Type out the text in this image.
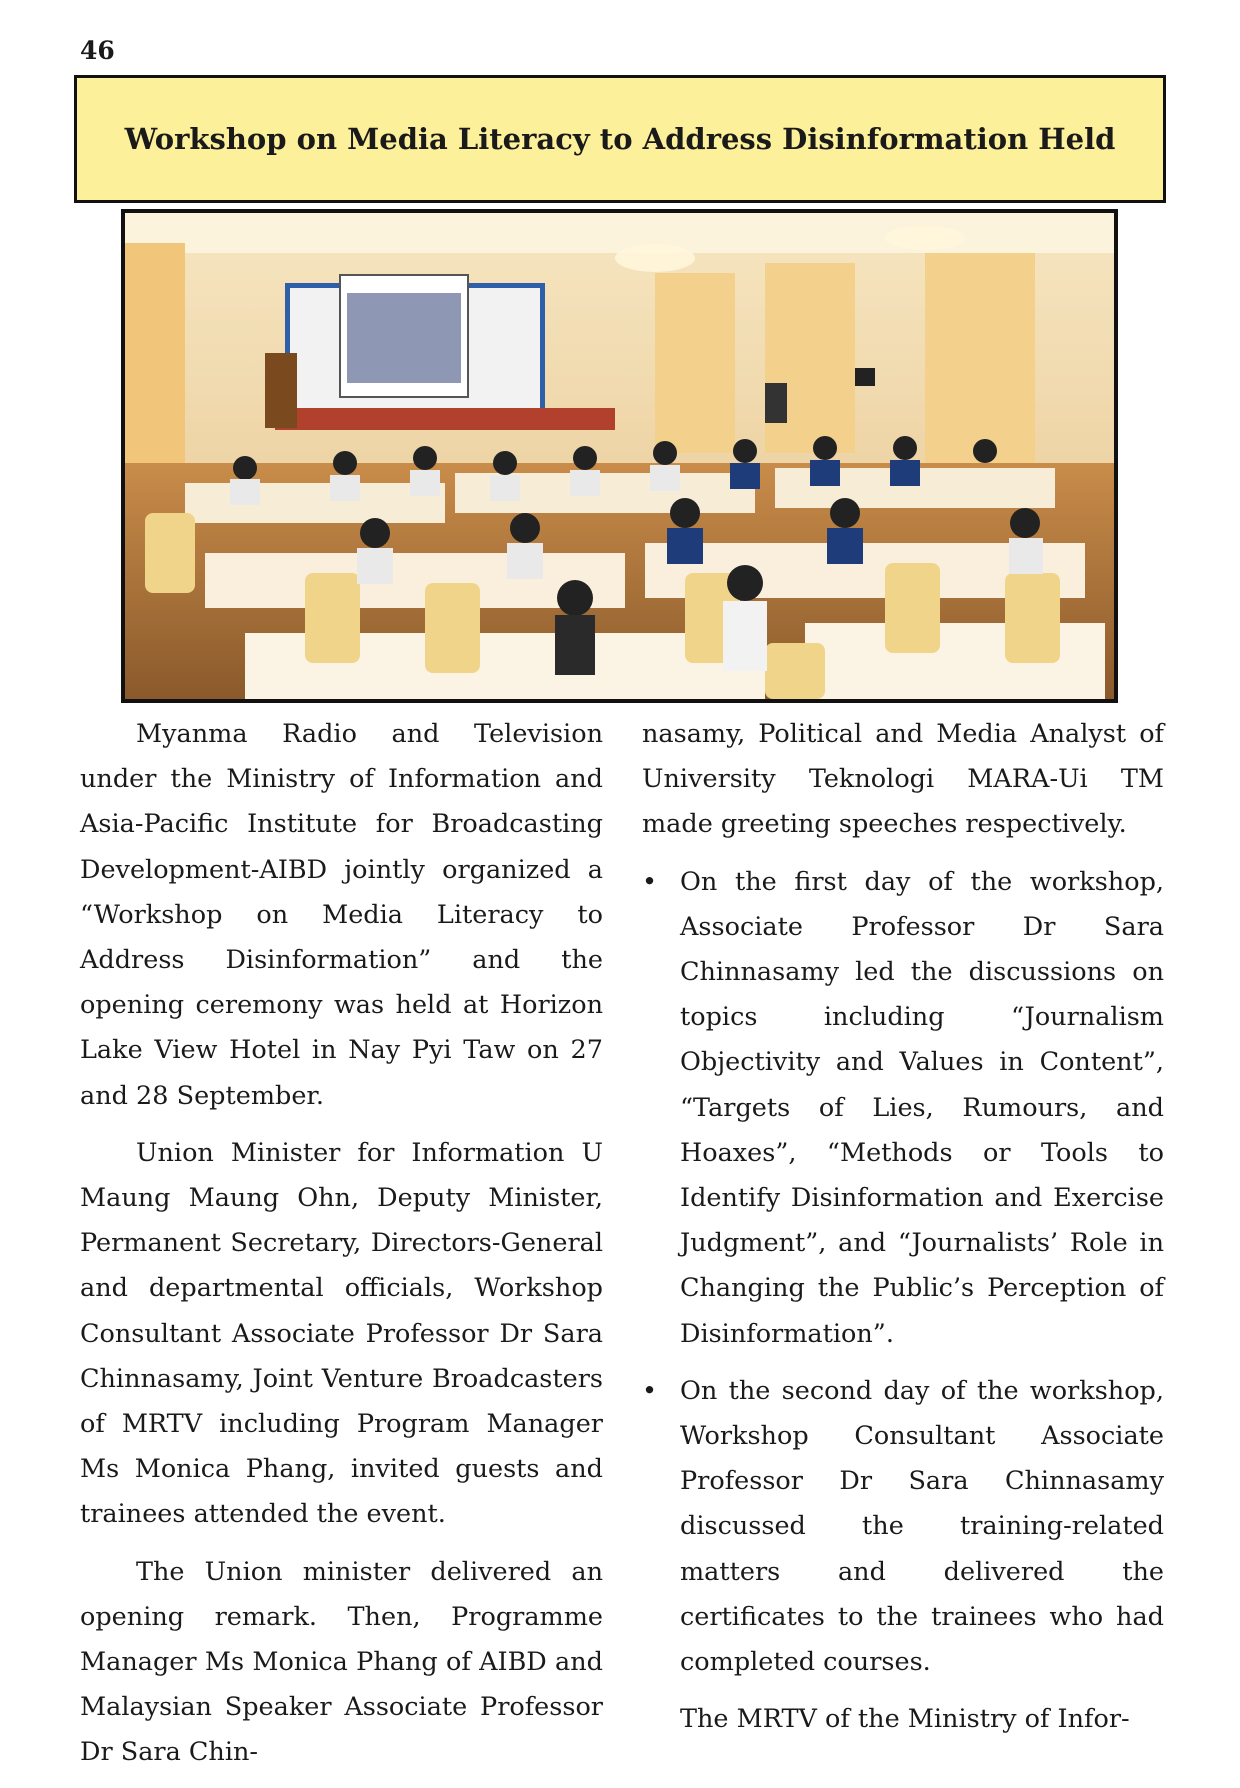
46
Workshop on Media Literacy to Address Disinformation Held

Myanma Radio and Television under the Ministry of Information and Asia-Pacific Institute for Broadcasting Development-AIBD jointly organized a “Workshop on Media Literacy to Address Disinformation” and the opening ceremony was held at Horizon Lake View Hotel in Nay Pyi Taw on 27 and 28 September.

Union Minister for Information U Maung Maung Ohn, Deputy Minister, Permanent Secretary, Directors-General and departmental officials, Workshop Consultant Associate Professor Dr Sara Chinnasamy, Joint Venture Broadcasters of MRTV including Program Manager Ms Monica Phang, invited guests and trainees attended the event.

The Union minister delivered an opening remark. Then, Programme Manager Ms Monica Phang of AIBD and Malaysian Speaker Associate Professor Dr Sara Chin-

nasamy, Political and Media Analyst of University Teknologi MARA-Ui TM made greeting speeches respectively.

• On the first day of the workshop, Associate Professor Dr Sara Chinnasamy led the discussions on topics including “Journalism Objectivity and Values in Content”, “Targets of Lies, Rumours, and Hoaxes”, “Methods or Tools to Identify Disinformation and Exercise Judgment”, and “Journalists’ Role in Changing the Public’s Perception of Disinformation”.
• On the second day of the workshop, Workshop Consultant Associate Professor Dr Sara Chinnasamy discussed the training-related matters and delivered the certificates to the trainees who had completed courses.

The MRTV of the Ministry of Infor-
